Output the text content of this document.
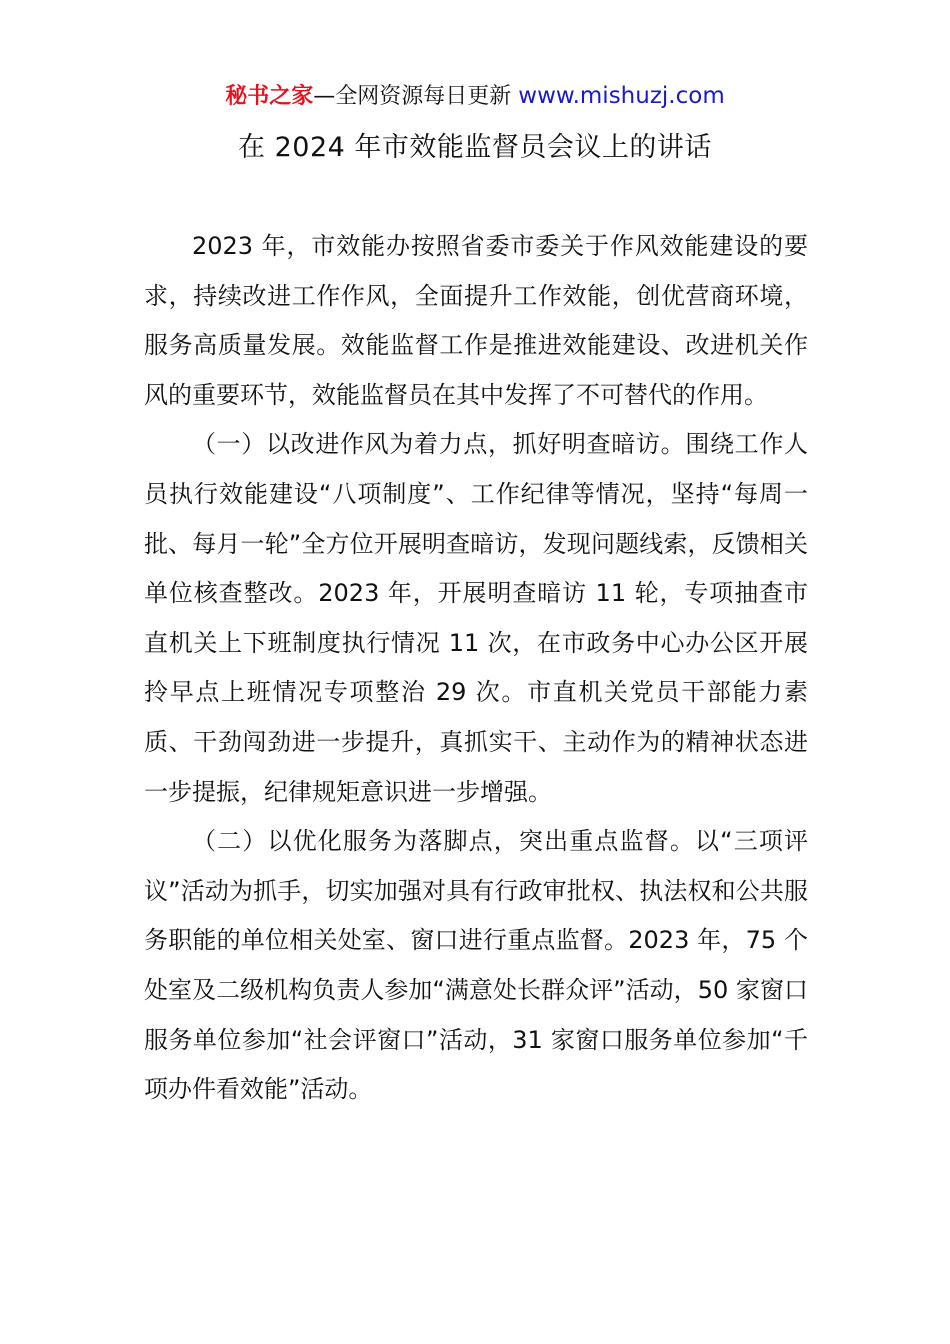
秘书之家—全网资源每日更新 www.mishuzj.com
在 2024 年市效能监督员会议上的讲话

2023 年，市效能办按照省委市委关于作风效能建设的要求，持续改进工作作风，全面提升工作效能，创优营商环境，服务高质量发展。效能监督工作是推进效能建设、改进机关作风的重要环节，效能监督员在其中发挥了不可替代的作用。

（一）以改进作风为着力点，抓好明查暗访。围绕工作人员执行效能建设“八项制度”、工作纪律等情况，坚持“每周一批、每月一轮”全方位开展明查暗访，发现问题线索，反馈相关单位核查整改。2023 年，开展明查暗访 11 轮，专项抽查市直机关上下班制度执行情况 11 次，在市政务中心办公区开展拎早点上班情况专项整治 29 次。市直机关党员干部能力素质、干劲闯劲进一步提升，真抓实干、主动作为的精神状态进一步提振，纪律规矩意识进一步增强。

（二）以优化服务为落脚点，突出重点监督。以“三项评议”活动为抓手，切实加强对具有行政审批权、执法权和公共服务职能的单位相关处室、窗口进行重点监督。2023 年，75 个处室及二级机构负责人参加“满意处长群众评”活动，50 家窗口服务单位参加“社会评窗口”活动，31 家窗口服务单位参加“千项办件看效能”活动。
